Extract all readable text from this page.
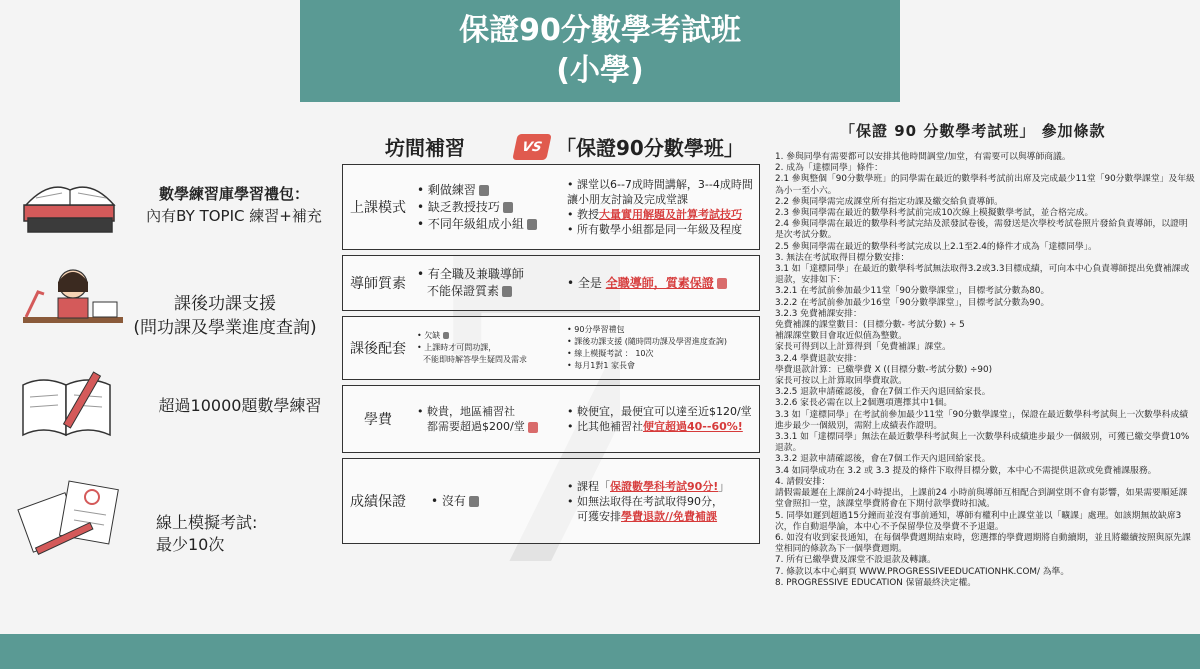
保證90分數學考試班
(小學)
數學練習庫學習禮包：
內有BY TOPIC 練習+補充
課後功課支援
(問功課及學業進度查詢)
超過10000題數學練習
線上模擬考試:
最少10次
坊間補習	VS 「保證90分數學班」
上課模式
• 剩做練習
• 缺乏教授技巧
• 不同年級組成小組
• 課堂以6--7成時間講解，3--4成時間讓小朋友討論及完成堂課
• 教授大量實用解題及計算考試技巧
• 所有數學小組都是同一年級及程度
導師質素
• 有全職及兼職導師
不能保證質素
• 全是 全職導師，質素保證
課後配套
• 欠缺
• 上課時才可問功課，
不能即時解答學生疑問及需求
• 90分學習禮包
• 課後功課支援 (隨時問功課及學習進度查詢)
• 線上模擬考試 ： 10次
• 每月1對1 家長會
學費
• 較貴，地區補習社
都需要超過$200/堂
• 較便宜，最便宜可以達至近$120/堂
• 比其他補習社便宜超過40--60%!
成績保證	• 沒有
• 課程「保證數學科考試90分!」
• 如無法取得在考試取得90分，
可獲安排學費退款//免費補課
「保證 90 分數學考試班」 參加條款
1. 參與同學有需要都可以安排其他時間調堂/加堂，有需要可以與導師商議。
2. 成為「達標同學」條件：
2.1 參與整個「90分數學班」的同學需在最近的數學科考試前出席及完成最少11堂「90分數學課堂」及年級為小一至小六。
2.2 參與同學需完成課堂所有指定功課及繳交給負責導師。
2.3 參與同學需在最近的數學科考試前完成10次線上模擬數學考試，並合格完成。
2.4 參與同學需在最近的數學科考試完結及派發試卷後，需發送是次學校考試卷照片發給負責導師，以證明是次考試分數。
2.5 參與同學需在最近的數學科考試完成以上2.1至2.4的條件才成為「達標同學」。
3. 無法在考試取得目標分數安排：
3.1 如「達標同學」在最近的數學科考試無法取得3.2或3.3目標成績，可向本中心負責導師提出免費補課或退款，安排如下：
3.2.1 在考試前參加最少11堂「90分數學課堂」，目標考試分數為80。
3.2.2 在考試前參加最少16堂「90分數學課堂」，目標考試分數為90。
3.2.3 免費補課安排：
免費補課的課堂數目：(目標分數- 考試分數) ÷ 5
補課課堂數目會取近似值為整數。
家長可得到以上計算得到「免費補課」課堂。
3.2.4 學費退款安排：
學費退款計算：已繳學費 X ((目標分數-考試分數) ÷90)
家長可按以上計算取回學費取款。
3.2.5 退款申請確認後，會在7個工作天內退回給家長。
3.2.6 家長必需在以上2個選項選擇其中1個。
3.3 如「達標同學」在考試前參加最少11堂「90分數學課堂」，保證在最近數學科考試與上一次數學科成績進步最少一個級別，需附上成績表作證明。
3.3.1 如「達標同學」無法在最近數學科考試與上一次數學科成績進步最少一個級別，可獲已繳交學費10%退款。
3.3.2 退款申請確認後，會在7個工作天內退回給家長。
3.4 如同學成功在 3.2 或 3.3 提及的條件下取得目標分數，本中心不需提供退款或免費補課服務。
4. 請假安排：
請假需最遲在上課前24小時提出，上課前24 小時前與導師互相配合到調堂則不會有影響，如果需要順延課堂會照扣一堂，該課堂學費將會在下期付款學費時扣減。
5. 同學如遲到超過15分鐘而並沒有事前通知，導師有權利中止課堂並以「曠課」處理。如該期無故缺席3次，作自動退學論，本中心不予保留學位及學費不予退還。
6. 如沒有收到家長通知，在每個學費週期結束時，您選擇的學費週期將自動續期，並且將繼續按照與原先課堂相同的條款為下一個學費週期。
7. 所有已繳學費及課堂不設退款及轉讓。
7. 條款以本中心網頁 WWW.PROGRESSIVEEDUCATIONHK.COM/ 為準。
8. PROGRESSIVE EDUCATION 保留最終決定權。
